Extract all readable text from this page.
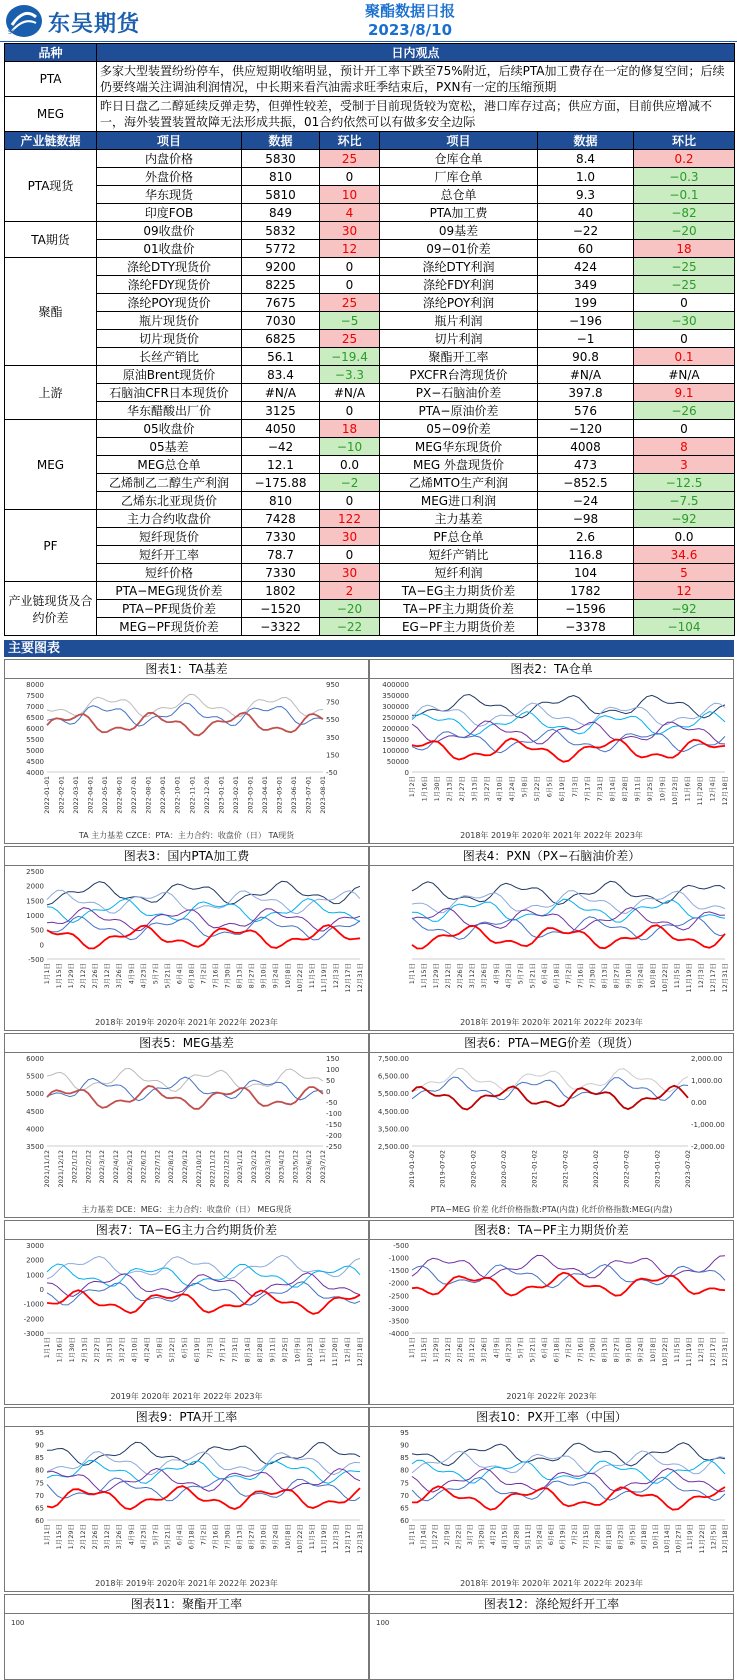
东吴期货
SCF
聚酯数据日报
2023/8/10
品种	日内观点
PTA	多家大型装置纷纷停车，供应短期收缩明显，预计开工率下跌至75%附近，后续PTA加工费存在一定的修复空间；后续仍要终端关注调油利润情况，中长期来看汽油需求旺季结束后，PXN有一定的压缩预期
MEG	昨日日盘乙二醇延续反弹走势，但弹性较差，受制于目前现货较为宽松，港口库存过高；供应方面，目前供应增减不一，海外装置装置故障无法形成共振，01合约依然可以有做多安全边际
产业链数据	项目	数据	环比	项目	数据	环比
PTA现货	内盘价格	5830	25	仓库仓单	8.4	0.2
	外盘价格	810	0	厂库仓单	1.0	−0.3
	华东现货	5810	10	总仓单	9.3	−0.1
	印度FOB	849	4	PTA加工费	40	−82
TA期货	09收盘价	5832	30	09基差	−22	−20
	01收盘价	5772	12	09−01价差	60	18
聚酯	涤纶DTY现货价	9200	0	涤纶DTY利润	424	−25
	涤纶FDY现货价	8225	0	涤纶FDY利润	349	−25
	涤纶POY现货价	7675	25	涤纶POY利润	199	0
	瓶片现货价	7030	−5	瓶片利润	−196	−30
	切片现货价	6825	25	切片利润	−1	0
	长丝产销比	56.1	−19.4	聚酯开工率	90.8	0.1
上游	原油Brent现货价	83.4	−3.3	PXCFR台湾现货价	#N/A	#N/A
	石脑油CFR日本现货价	#N/A	#N/A	PX−石脑油价差	397.8	9.1
	华东醋酸出厂价	3125	0	PTA−原油价差	576	−26
MEG	05收盘价	4050	18	05−09价差	−120	0
	05基差	−42	−10	MEG华东现货价	4008	8
	MEG总仓单	12.1	0.0	MEG 外盘现货价	473	3
	乙烯制乙二醇生产利润	−175.88	−2	乙烯MTO生产利润	−852.5	−12.5
	乙烯东北亚现货价	810	0	MEG进口利润	−24	−7.5
PF	主力合约收盘价	7428	122	主力基差	−98	−92
	短纤现货价	7330	30	PF总仓单	2.6	0.0
	短纤开工率	78.7	0	短纤产销比	116.8	34.6
	短纤价格	7330	30	短纤利润	104	5
产业链现货及合约价差	PTA−MEG现货价差	1802	2	TA−EG主力期货价差	1782	12
	PTA−PF现货价差	−1520	−20	TA−PF主力期货价差	−1596	−92
	MEG−PF现货价差	−3322	−22	EG−PF主力期货价差	−3378	−104
主要图表
图表1：TA基差
8000
7500
7000
6500
6000
5500
5000
4500
4000
950
750
550
350
150
-50
2022-01-01 2022-02-01 2022-03-01 2022-04-01 2022-05-01 2022-06-01 2022-07-01 2022-08-01 2022-09-01 2022-10-01 2022-11-01 2022-12-01 2023-01-01 2023-02-01 2023-03-01 2023-04-01 2023-05-01 2023-06-01 2023-07-01 2023-08-01
TA 主力基差 CZCE：PTA：主力合约：收盘价（日） TA现货
图表2：TA仓单
400000
350000
300000
250000
200000
150000
100000
50000
0
1月2日 1月16日 1月30日 2月13日 2月27日 3月13日 3月27日 4月10日 4月24日 5月8日 5月22日 6月5日 6月19日 7月3日 7月17日 7月31日 8月14日 8月28日 9月11日 9月25日 10月9日 10月23日 11月6日 11月20日 12月4日 12月18日
2018年 2019年 2020年 2021年 2022年 2023年
图表3：国内PTA加工费
2500
2000
1500
1000
500
0
-500
1月1日 1月15日 1月29日 2月12日 2月26日 3月12日 3月26日 4月9日 4月23日 5月7日 5月21日 6月4日 6月18日 7月2日 7月16日 7月30日 8月13日 8月27日 9月10日 9月24日 10月8日 10月22日 11月5日 11月19日 12月3日 12月17日 12月31日
2018年 2019年 2020年 2021年 2022年 2023年
图表4：PXN（PX−石脑油价差）
1月1日 1月15日 1月29日 2月12日 2月26日 3月12日 3月26日 4月9日 4月23日 5月7日 5月21日 6月4日 6月18日 7月2日 7月16日 7月30日 8月13日 8月27日 9月10日 9月24日 10月8日 10月22日 11月5日 11月19日 12月3日 12月17日 12月31日
2018年 2019年 2020年 2021年 2022年 2023年
图表5：MEG基差
6000
5500
5000
4500
4000
3500
150
100
50
0
-50
-100
-150
-200
-250
2021/11/12 2021/12/12 2022/1/12 2022/2/12 2022/3/12 2022/4/12 2022/5/12 2022/6/12 2022/7/12 2022/8/12 2022/9/12 2022/10/12 2022/11/12 2022/12/12 2023/1/12 2023/2/12 2023/3/12 2023/4/12 2023/5/12 2023/6/12 2023/7/12
主力基差 DCE：MEG：主力合约：收盘价（日） MEG现货
图表6：PTA−MEG价差（现货）
7,500.00
6,500.00
5,500.00
4,500.00
3,500.00
2,500.00
2,000.00
1,000.00
0.00
-1,000.00
-2,000.00
2019-01-02	2019-07-02	2020-01-02	2020-07-02	2021-01-02	2021-07-02	2022-01-02	2022-07-02	2023-01-02	2023-07-02
PTA−MEG 价差 化纤价格指数:PTA(内盘) 化纤价格指数:MEG(内盘)
图表7：TA−EG主力合约期货价差
3000
2000
1000
0
-1000
-2000
-3000
1月1日 1月16日 1月30日 2月13日 2月27日 3月13日 3月27日 4月10日 4月24日 5月8日 5月22日 6月5日 6月19日 7月3日 7月17日 7月31日 8月14日 8月28日 9月11日 9月25日 10月9日 10月23日 11月6日 11月20日 12月4日 12月18日
2019年 2020年 2021年 2022年 2023年
图表8：TA−PF主力期货价差
-500
-1000
-1500
-2000
-2500
-3000
-3500
-4000
1月1日 1月15日 1月29日 2月12日 2月26日 3月12日 3月26日 4月9日 4月23日 5月7日 5月21日 6月4日 6月18日 7月2日 7月16日 7月30日 8月13日 8月27日 9月10日 9月24日 10月8日 10月22日 11月5日 11月19日 12月3日 12月17日 12月31日
2021年 2022年 2023年
图表9：PTA开工率
95
90
85
80
75
70
65
60
1月1日 1月15日 1月29日 2月12日 2月26日 3月12日 3月26日 4月9日 4月23日 5月7日 5月21日 6月4日 6月18日 7月2日 7月16日 7月30日 8月13日 8月27日 9月10日 9月24日 10月8日 10月22日 11月5日 11月19日 12月3日 12月17日 12月31日
2018年 2019年 2020年 2021年 2022年 2023年
图表10：PX开工率（中国）
95
90
85
80
75
70
65
60
1月1日 1月14日 1月27日 2月9日 2月22日 3月7日 3月20日 4月2日 4月15日 4月28日 5月11日 5月24日 6月6日 6月19日 7月2日 7月15日 7月28日 8月10日 8月23日 9月5日 9月18日 10月1日 10月14日 10月27日 11月9日 11月22日 12月5日 12月18日
2018年 2019年 2020年 2021年 2022年 2023年
图表11：聚酯开工率
100
图表12：涤纶短纤开工率
100
